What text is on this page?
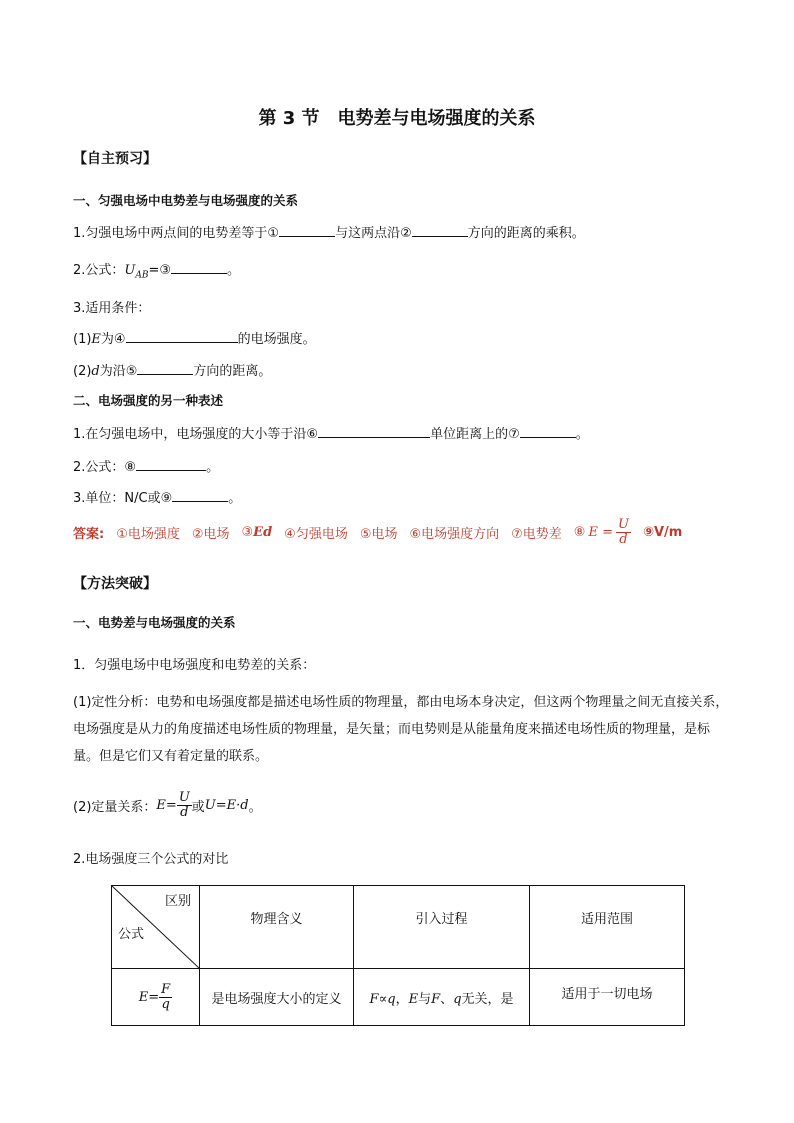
第 3 节　电势差与电场强度的关系
【自主预习】
一、匀强电场中电势差与电场强度的关系
1.匀强电场中两点间的电势差等于①	与这两点沿②	方向的距离的乘积。
2.公式：$U_{AB}=③$	。
3.适用条件：
(1)E为④	的电场强度。
(2)d为沿⑤	方向的距离。
二、电场强度的另一种表述
1.在匀强电场中，电场强度的大小等于沿⑥	单位距离上的⑦	。
2.公式：⑧	。
3.单位：N/C或⑨	。
答案: ①电场强度 ②电场 ③Ed ④匀强电场 ⑤电场 ⑥电场强度方向 ⑦电势差 ⑧ $E = \frac{U}{d}$ ⑨V/m
【方法突破】
一、电势差与电场强度的关系
1．匀强电场中电场强度和电势差的关系：
(1)定性分析：电势和电场强度都是描述电场性质的物理量，都由电场本身决定，但这两个物理量之间无直接关系，电场强度是从力的角度描述电场性质的物理量，是矢量；而电势则是从能量角度来描述电场性质的物理量，是标量。但是它们又有着定量的联系。
(2)定量关系： $E= \frac{U}{d}$ 或 U=E·d 。
2.电场强度三个公式的对比
区别
公式	物理含义	引入过程	适用范围

$E= \frac{F}{q}$	是电场强度大小的定义	F∝q，E与F、q无关，是	适用于一切电场
